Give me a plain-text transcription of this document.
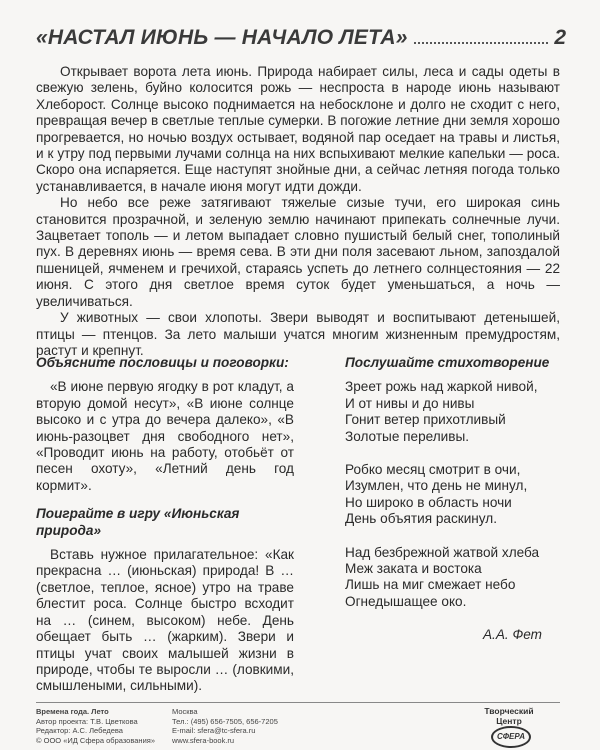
«НАСТАЛ ИЮНЬ — НАЧАЛО ЛЕТА»	2

Открывает ворота лета июнь. Природа набирает силы, леса и сады одеты в свежую зелень, буйно колосится рожь — неспроста в народе июнь называют Хлеборост. Солнце высоко поднимается на небосклоне и долго не сходит с него, превращая вечер в светлые теплые сумерки. В погожие летние дни земля хорошо прогревается, но ночью воздух остывает, водяной пар оседает на травы и листья, и к утру под первыми лучами солнца на них вспыхивают мелкие капельки — роса. Скоро она испаряется. Еще наступят знойные дни, а сейчас летняя погода только устанавливается, в начале июня могут идти дожди.

Но небо все реже затягивают тяжелые сизые тучи, его широкая синь становится прозрачной, и зеленую землю начинают припекать солнечные лучи. Зацветает тополь — и летом выпадает словно пушистый белый снег, тополиный пух. В деревнях июнь — время сева. В эти дни поля засевают льном, запоздалой пшеницей, ячменем и гречихой, стараясь успеть до летнего солнцестояния — 22 июня. С этого дня светлое время суток будет уменьшаться, а ночь — увеличиваться.

У животных — свои хлопоты. Звери выводят и воспитывают детенышей, птицы — птенцов. За лето малыши учатся многим жизненным премудростям, растут и крепнут.

Объясните пословицы и поговорки:

«В июне первую ягодку в рот кладут, а вторую домой несут», «В июне солнце высоко и с утра до вечера далеко», «В июнь-разоцвет дня свободного нет», «Проводит июнь на работу, отобьёт от песен охоту», «Летний день год кормит».

Поиграйте в игру «Июньская природа»

Вставь нужное прилагательное: «Как прекрасна … (июньская) природа! В … (светлое, теплое, ясное) утро на траве блестит роса. Солнце быстро всходит на … (синем, высоком) небе. День обещает быть … (жарким). Звери и птицы учат своих малышей жизни в природе, чтобы те выросли … (ловкими, смышлеными, сильными).

Послушайте стихотворение

Зреет рожь над жаркой нивой,

И от нивы и до нивы

Гонит ветер прихотливый

Золотые переливы.

Робко месяц смотрит в очи,

Изумлен, что день не минул,

Но широко в область ночи

День объятия раскинул.

Над безбрежной жатвой хлеба

Меж заката и востока

Лишь на миг смежает небо

Огнедышащее око.

А.А. Фет
Времена года. Лето
Автор проекта: Т.В. Цветкова
Редактор: А.С. Лебедева
© ООО «ИД Сфера образования»
Москва
Тел.: (495) 656-7505, 656-7205
E-mail: sfera@tc-sfera.ru
www.sfera-book.ru
Творческий
Центр
СФЕРА
